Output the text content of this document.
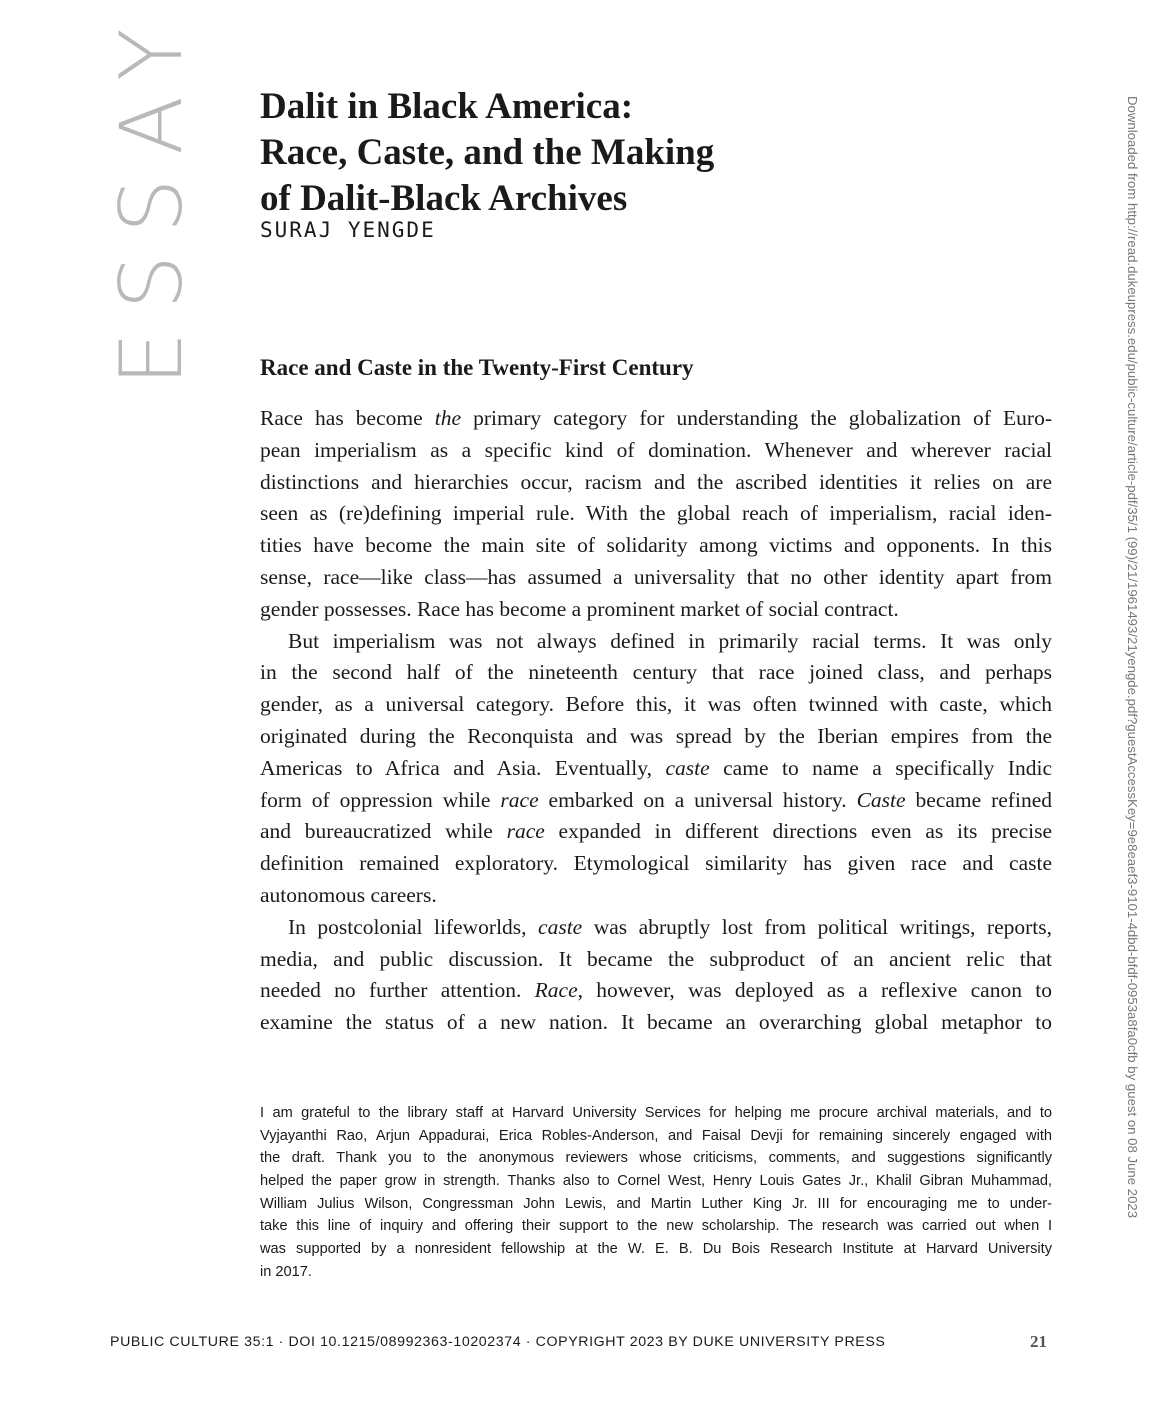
ESSAY Dalit in Black America:
Race, Caste, and the Making
of Dalit-Black Archives
SURAJ YENGDE
Race and Caste in the Twenty-First Century
Race has become the primary category for understanding the globalization of Euro-
pean imperialism as a specific kind of domination. Whenever and wherever racial
distinctions and hierarchies occur, racism and the ascribed identities it relies on are
seen as (re)defining imperial rule. With the global reach of imperialism, racial iden-
tities have become the main site of solidarity among victims and opponents. In this
sense, race—like class—has assumed a universality that no other identity apart from
gender possesses. Race has become a prominent market of social contract.
But imperialism was not always defined in primarily racial terms. It was only
in the second half of the nineteenth century that race joined class, and perhaps
gender, as a universal category. Before this, it was often twinned with caste, which
originated during the Reconquista and was spread by the Iberian empires from the
Americas to Africa and Asia. Eventually, caste came to name a specifically Indic
form of oppression while race embarked on a universal history. Caste became refined
and bureaucratized while race expanded in different directions even as its precise
definition remained exploratory. Etymological similarity has given race and caste
autonomous careers.
In postcolonial lifeworlds, caste was abruptly lost from political writings, reports,
media, and public discussion. It became the subproduct of an ancient relic that
needed no further attention. Race, however, was deployed as a reflexive canon to
examine the status of a new nation. It became an overarching global metaphor to
I am grateful to the library staff at Harvard University Services for helping me procure archival materials, and to
Vyjayanthi Rao, Arjun Appadurai, Erica Robles-Anderson, and Faisal Devji for remaining sincerely engaged with
the draft. Thank you to the anonymous reviewers whose criticisms, comments, and suggestions significantly
helped the paper grow in strength. Thanks also to Cornel West, Henry Louis Gates Jr., Khalil Gibran Muhammad,
William Julius Wilson, Congressman John Lewis, and Martin Luther King Jr. III for encouraging me to under-
take this line of inquiry and offering their support to the new scholarship. The research was carried out when I
was supported by a nonresident fellowship at the W. E. B. Du Bois Research Institute at Harvard University
in 2017.
PUBLIC CULTURE 35:1 · DOI 10.1215/08992363-10202374 · COPYRIGHT 2023 BY DUKE UNIVERSITY PRESS	21
Downloaded from http://read.dukeupress.edu/public-culture/article-pdf/35/1 (99)/21/1961493/21yengde.pdf?guestAccessKey=9e8eaef3-9101-4dbd-bfdf-0953a8fa0cfb by guest on 08 June 2023
